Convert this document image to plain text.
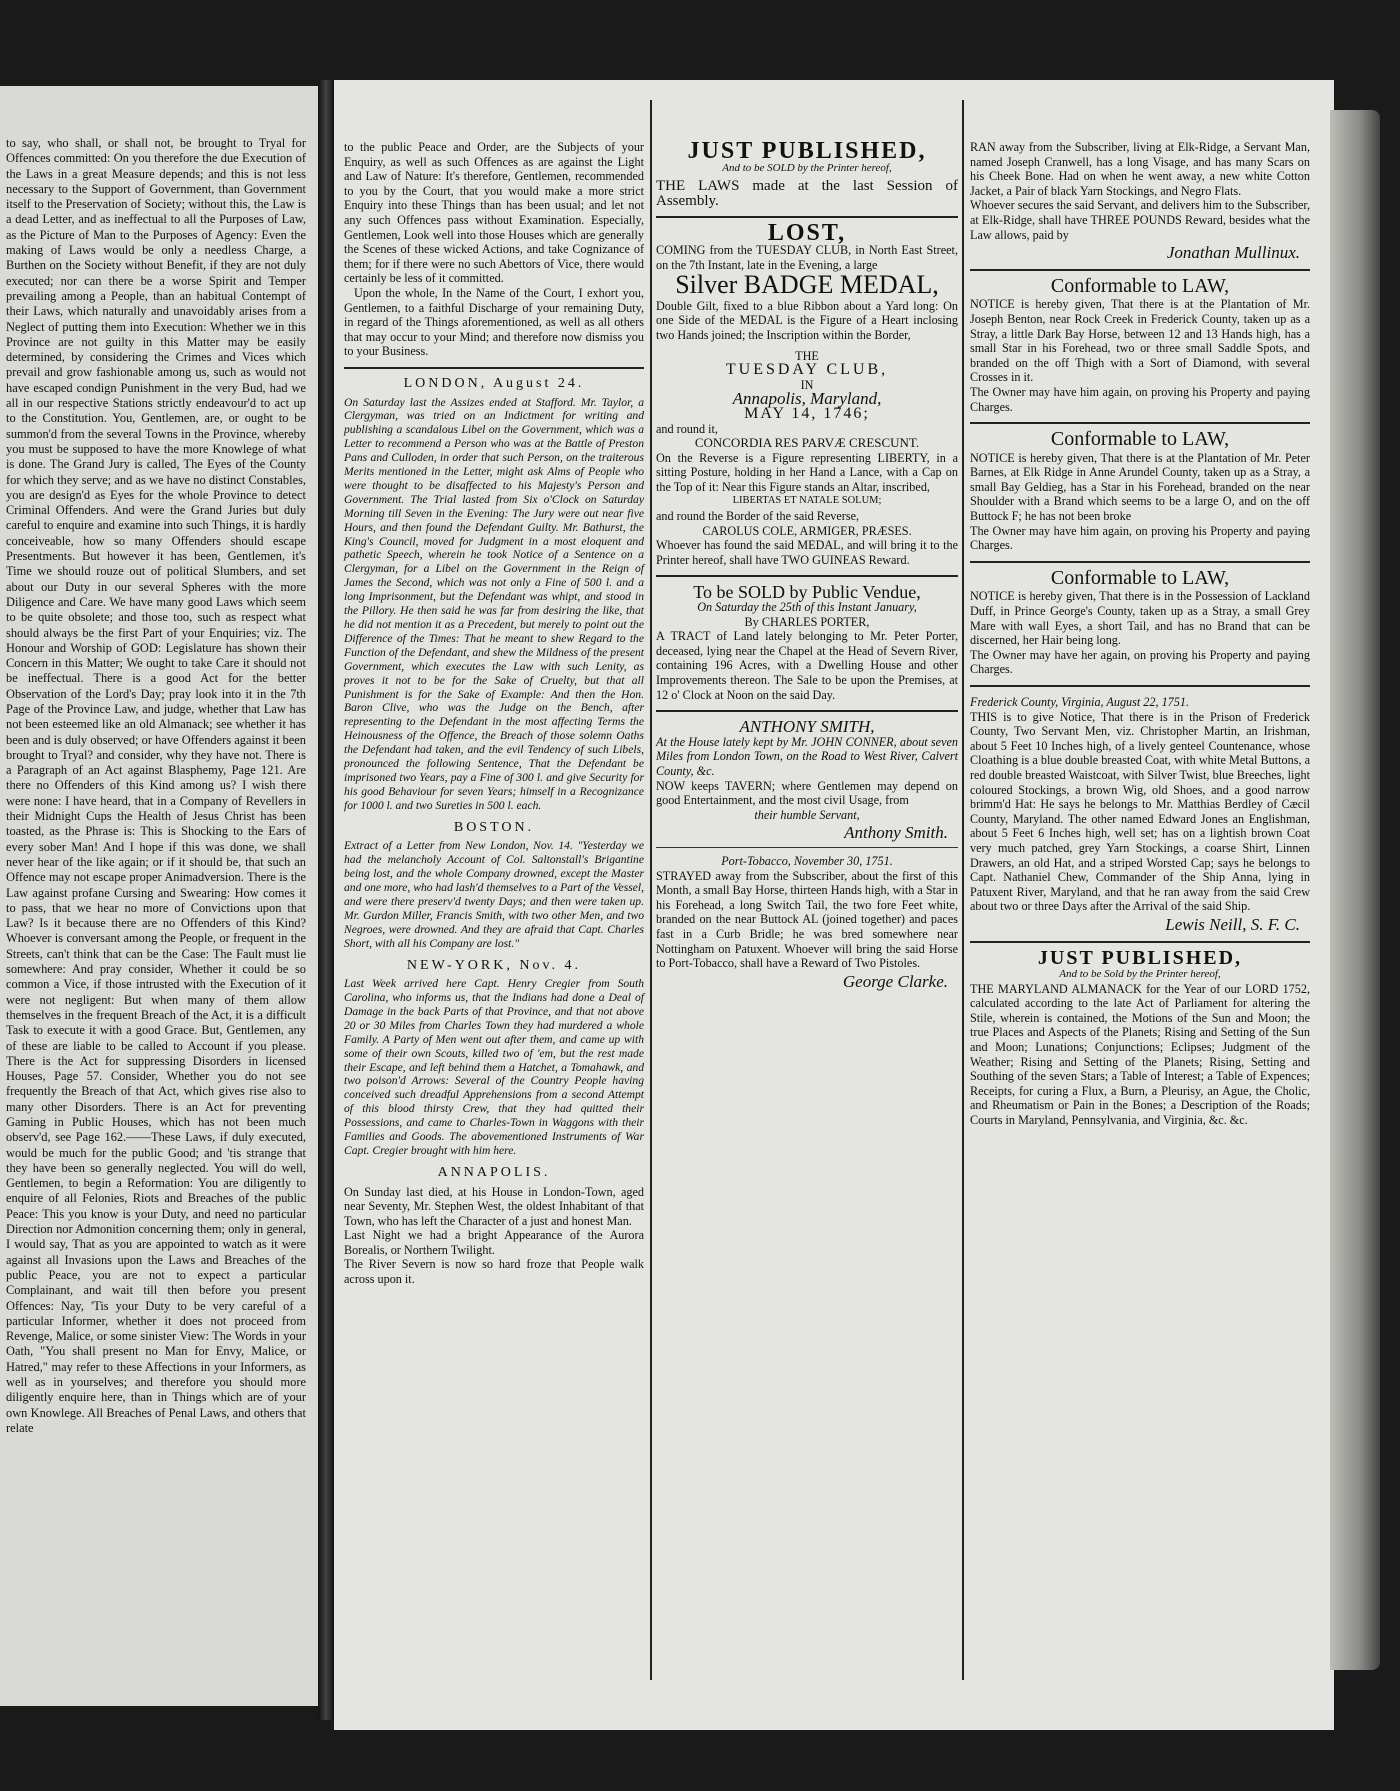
to say, who shall, or shall not, be brought to Tryal for Offences committed: On you therefore the due Execution of the Laws in a great Measure depends; and this is not less necessary to the Support of Government, than Government itself to the Preservation of Society; without this, the Law is a dead Letter, and as ineffectual to all the Purposes of Law, as the Picture of Man to the Purposes of Agency: Even the making of Laws would be only a needless Charge, a Burthen on the Society without Benefit, if they are not duly executed; nor can there be a worse Spirit and Temper prevailing among a People, than an habitual Contempt of their Laws, which naturally and unavoidably arises from a Neglect of putting them into Execution: Whether we in this Province are not guilty in this Matter may be easily determined, by considering the Crimes and Vices which prevail and grow fashionable among us, such as would not have escaped condign Punishment in the very Bud, had we all in our respective Stations strictly endeavour'd to act up to the Constitution. You, Gentlemen, are, or ought to be summon'd from the several Towns in the Province, whereby you must be supposed to have the more Knowlege of what is done. The Grand Jury is called, The Eyes of the County for which they serve; and as we have no distinct Constables, you are design'd as Eyes for the whole Province to detect Criminal Offenders. And were the Grand Juries but duly careful to enquire and examine into such Things, it is hardly conceiveable, how so many Offenders should escape Presentments. But however it has been, Gentlemen, it's Time we should rouze out of political Slumbers, and set about our Duty in our several Spheres with the more Diligence and Care. We have many good Laws which seem to be quite obsolete; and those too, such as respect what should always be the first Part of your Enquiries; viz. The Honour and Worship of GOD: Legislature has shown their Concern in this Matter; We ought to take Care it should not be ineffectual. There is a good Act for the better Observation of the Lord's Day; pray look into it in the 7th Page of the Province Law, and judge, whether that Law has not been esteemed like an old Almanack; see whether it has been and is duly observed; or have Offenders against it been brought to Tryal? and consider, why they have not. There is a Paragraph of an Act against Blasphemy, Page 121. Are there no Offenders of this Kind among us? I wish there were none: I have heard, that in a Company of Revellers in their Midnight Cups the Health of Jesus Christ has been toasted, as the Phrase is: This is Shocking to the Ears of every sober Man! And I hope if this was done, we shall never hear of the like again; or if it should be, that such an Offence may not escape proper Animadversion. There is the Law against profane Cursing and Swearing: How comes it to pass, that we hear no more of Convictions upon that Law? Is it because there are no Offenders of this Kind? Whoever is conversant among the People, or frequent in the Streets, can't think that can be the Case: The Fault must lie somewhere: And pray consider, Whether it could be so common a Vice, if those intrusted with the Execution of it were not negligent: But when many of them allow themselves in the frequent Breach of the Act, it is a difficult Task to execute it with a good Grace. But, Gentlemen, any of these are liable to be called to Account if you please. There is the Act for suppressing Disorders in licensed Houses, Page 57. Consider, Whether you do not see frequently the Breach of that Act, which gives rise also to many other Disorders. There is an Act for preventing Gaming in Public Houses, which has not been much observ'd, see Page 162.——These Laws, if duly executed, would be much for the public Good; and 'tis strange that they have been so generally neglected. You will do well, Gentlemen, to begin a Reformation: You are diligently to enquire of all Felonies, Riots and Breaches of the public Peace: This you know is your Duty, and need no particular Direction nor Admonition concerning them; only in general, I would say, That as you are appointed to watch as it were against all Invasions upon the Laws and Breaches of the public Peace, you are not to expect a particular Complainant, and wait till then before you present Offences: Nay, 'Tis your Duty to be very careful of a particular Informer, whether it does not proceed from Revenge, Malice, or some sinister View: The Words in your Oath, "You shall present no Man for Envy, Malice, or Hatred," may refer to these Affections in your Informers, as well as in yourselves; and therefore you should more diligently enquire here, than in Things which are of your own Knowlege. All Breaches of Penal Laws, and others that relate

to the public Peace and Order, are the Subjects of your Enquiry, as well as such Offences as are against the Light and Law of Nature: It's therefore, Gentlemen, recommended to you by the Court, that you would make a more strict Enquiry into these Things than has been usual; and let not any such Offences pass without Examination. Especially, Gentlemen, Look well into those Houses which are generally the Scenes of these wicked Actions, and take Cognizance of them; for if there were no such Abettors of Vice, there would certainly be less of it committed.

Upon the whole, In the Name of the Court, I exhort you, Gentlemen, to a faithful Discharge of your remaining Duty, in regard of the Things aforementioned, as well as all others that may occur to your Mind; and therefore now dismiss you to your Business.

LONDON, August 24.

On Saturday last the Assizes ended at Stafford. Mr. Taylor, a Clergyman, was tried on an Indictment for writing and publishing a scandalous Libel on the Government, which was a Letter to recommend a Person who was at the Battle of Preston Pans and Culloden, in order that such Person, on the traiterous Merits mentioned in the Letter, might ask Alms of People who were thought to be disaffected to his Majesty's Person and Government. The Trial lasted from Six o'Clock on Saturday Morning till Seven in the Evening: The Jury were out near five Hours, and then found the Defendant Guilty. Mr. Bathurst, the King's Council, moved for Judgment in a most eloquent and pathetic Speech, wherein he took Notice of a Sentence on a Clergyman, for a Libel on the Government in the Reign of James the Second, which was not only a Fine of 500 l. and a long Imprisonment, but the Defendant was whipt, and stood in the Pillory. He then said he was far from desiring the like, that he did not mention it as a Precedent, but merely to point out the Difference of the Times: That he meant to shew Regard to the Function of the Defendant, and shew the Mildness of the present Government, which executes the Law with such Lenity, as proves it not to be for the Sake of Cruelty, but that all Punishment is for the Sake of Example: And then the Hon. Baron Clive, who was the Judge on the Bench, after representing to the Defendant in the most affecting Terms the Heinousness of the Offence, the Breach of those solemn Oaths the Defendant had taken, and the evil Tendency of such Libels, pronounced the following Sentence, That the Defendant be imprisoned two Years, pay a Fine of 300 l. and give Security for his good Behaviour for seven Years; himself in a Recognizance for 1000 l. and two Sureties in 500 l. each.

BOSTON.

Extract of a Letter from New London, Nov. 14. "Yesterday we had the melancholy Account of Col. Saltonstall's Brigantine being lost, and the whole Company drowned, except the Master and one more, who had lash'd themselves to a Part of the Vessel, and were there preserv'd twenty Days; and then were taken up. Mr. Gurdon Miller, Francis Smith, with two other Men, and two Negroes, were drowned. And they are afraid that Capt. Charles Short, with all his Company are lost."

NEW-YORK, Nov. 4.

Last Week arrived here Capt. Henry Cregier from South Carolina, who informs us, that the Indians had done a Deal of Damage in the back Parts of that Province, and that not above 20 or 30 Miles from Charles Town they had murdered a whole Family. A Party of Men went out after them, and came up with some of their own Scouts, killed two of 'em, but the rest made their Escape, and left behind them a Hatchet, a Tomahawk, and two poison'd Arrows: Several of the Country People having conceived such dreadful Apprehensions from a second Attempt of this blood thirsty Crew, that they had quitted their Possessions, and came to Charles-Town in Waggons with their Families and Goods. The abovementioned Instruments of War Capt. Cregier brought with him here.

ANNAPOLIS.

On Sunday last died, at his House in London-Town, aged near Seventy, Mr. Stephen West, the oldest Inhabitant of that Town, who has left the Character of a just and honest Man.

Last Night we had a bright Appearance of the Aurora Borealis, or Northern Twilight.

The River Severn is now so hard froze that People walk across upon it.

JUST PUBLISHED,
And to be SOLD by the Printer hereof,

THE LAWS made at the last Session of Assembly.

LOST,

COMING from the TUESDAY CLUB, in North East Street, on the 7th Instant, late in the Evening, a large

Silver BADGE MEDAL,

Double Gilt, fixed to a blue Ribbon about a Yard long: On one Side of the MEDAL is the Figure of a Heart inclosing two Hands joined; the Inscription within the Border,

THE
TUESDAY CLUB,
IN
Annapolis, Maryland,
MAY 14, 1746;

and round it,

CONCORDIA RES PARVÆ CRESCUNT.

On the Reverse is a Figure representing LIBERTY, in a sitting Posture, holding in her Hand a Lance, with a Cap on the Top of it: Near this Figure stands an Altar, inscribed,

LIBERTAS ET NATALE SOLUM;

and round the Border of the said Reverse,

CAROLUS COLE, ARMIGER, PRÆSES.

Whoever has found the said MEDAL, and will bring it to the Printer hereof, shall have TWO GUINEAS Reward.

To be SOLD by Public Vendue,
On Saturday the 25th of this Instant January,
By CHARLES PORTER,

A TRACT of Land lately belonging to Mr. Peter Porter, deceased, lying near the Chapel at the Head of Severn River, containing 196 Acres, with a Dwelling House and other Improvements thereon. The Sale to be upon the Premises, at 12 o' Clock at Noon on the said Day.

ANTHONY SMITH,

At the House lately kept by Mr. JOHN CONNER, about seven Miles from London Town, on the Road to West River, Calvert County, &c.

NOW keeps TAVERN; where Gentlemen may depend on good Entertainment, and the most civil Usage, from

their humble Servant,
Anthony Smith.
Port-Tobacco, November 30, 1751.

STRAYED away from the Subscriber, about the first of this Month, a small Bay Horse, thirteen Hands high, with a Star in his Forehead, a long Switch Tail, the two fore Feet white, branded on the near Buttock AL (joined together) and paces fast in a Curb Bridle; he was bred somewhere near Nottingham on Patuxent. Whoever will bring the said Horse to Port-Tobacco, shall have a Reward of Two Pistoles.

George Clarke.

RAN away from the Subscriber, living at Elk-Ridge, a Servant Man, named Joseph Cranwell, has a long Visage, and has many Scars on his Cheek Bone. Had on when he went away, a new white Cotton Jacket, a Pair of black Yarn Stockings, and Negro Flats.

Whoever secures the said Servant, and delivers him to the Subscriber, at Elk-Ridge, shall have THREE POUNDS Reward, besides what the Law allows, paid by

Jonathan Mullinux.
Conformable to LAW,

NOTICE is hereby given, That there is at the Plantation of Mr. Joseph Benton, near Rock Creek in Frederick County, taken up as a Stray, a little Dark Bay Horse, between 12 and 13 Hands high, has a small Star in his Forehead, two or three small Saddle Spots, and branded on the off Thigh with a Sort of Diamond, with several Crosses in it.

The Owner may have him again, on proving his Property and paying Charges.

Conformable to LAW,

NOTICE is hereby given, That there is at the Plantation of Mr. Peter Barnes, at Elk Ridge in Anne Arundel County, taken up as a Stray, a small Bay Geldieg, has a Star in his Forehead, branded on the near Shoulder with a Brand which seems to be a large O, and on the off Buttock F; he has not been broke

The Owner may have him again, on proving his Property and paying Charges.

Conformable to LAW,

NOTICE is hereby given, That there is in the Possession of Lackland Duff, in Prince George's County, taken up as a Stray, a small Grey Mare with wall Eyes, a short Tail, and has no Brand that can be discerned, her Hair being long.

The Owner may have her again, on proving his Property and paying Charges.

Frederick County, Virginia, August 22, 1751.

THIS is to give Notice, That there is in the Prison of Frederick County, Two Servant Men, viz. Christopher Martin, an Irishman, about 5 Feet 10 Inches high, of a lively genteel Countenance, whose Cloathing is a blue double breasted Coat, with white Metal Buttons, a red double breasted Waistcoat, with Silver Twist, blue Breeches, light coloured Stockings, a brown Wig, old Shoes, and a good narrow brimm'd Hat: He says he belongs to Mr. Matthias Berdley of Cæcil County, Maryland. The other named Edward Jones an Englishman, about 5 Feet 6 Inches high, well set; has on a lightish brown Coat very much patched, grey Yarn Stockings, a coarse Shirt, Linnen Drawers, an old Hat, and a striped Worsted Cap; says he belongs to Capt. Nathaniel Chew, Commander of the Ship Anna, lying in Patuxent River, Maryland, and that he ran away from the said Crew about two or three Days after the Arrival of the said Ship.

Lewis Neill, S. F. C.
JUST PUBLISHED,
And to be Sold by the Printer hereof,

THE MARYLAND ALMANACK for the Year of our LORD 1752, calculated according to the late Act of Parliament for altering the Stile, wherein is contained, the Motions of the Sun and Moon; the true Places and Aspects of the Planets; Rising and Setting of the Sun and Moon; Lunations; Conjunctions; Eclipses; Judgment of the Weather; Rising and Setting of the Planets; Rising, Setting and Southing of the seven Stars; a Table of Interest; a Table of Expences; Receipts, for curing a Flux, a Burn, a Pleurisy, an Ague, the Cholic, and Rheumatism or Pain in the Bones; a Description of the Roads; Courts in Maryland, Pennsylvania, and Virginia, &c. &c.
